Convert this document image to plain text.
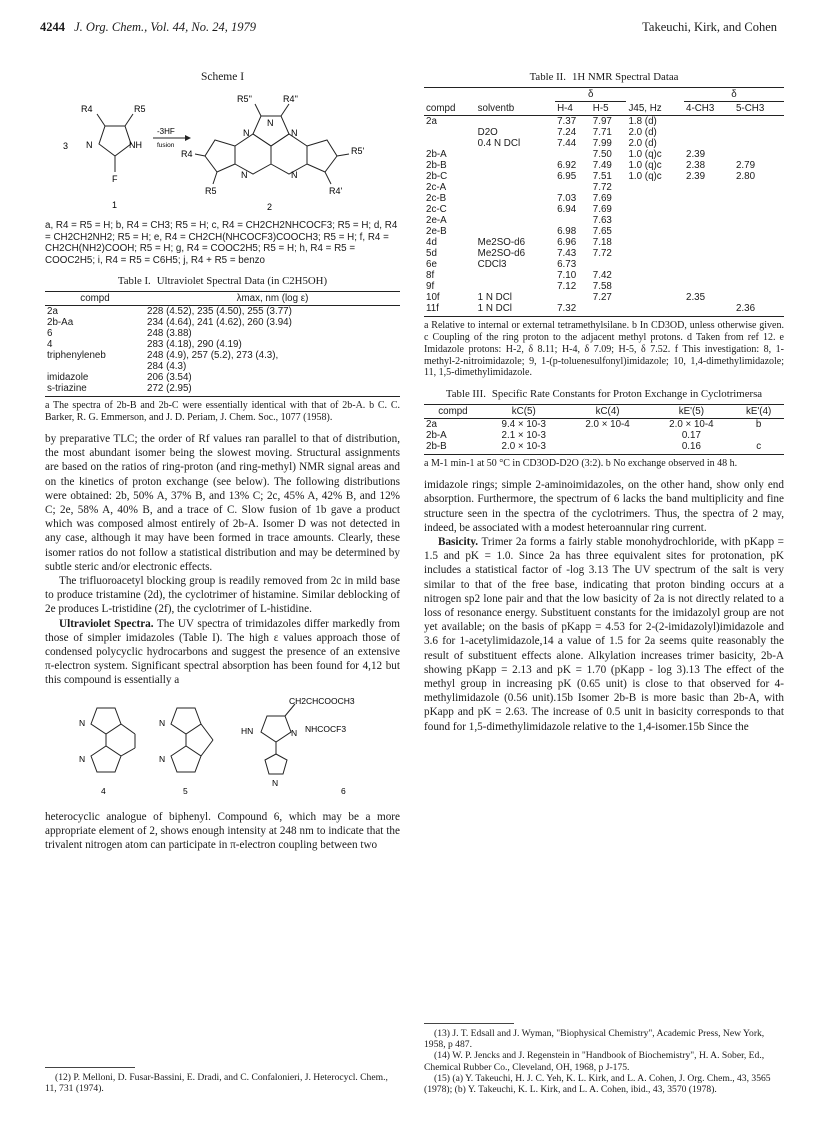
4244 J. Org. Chem., Vol. 44, No. 24, 1979	Takeuchi, Kirk, and Cohen
Scheme I
R4	R5
3 N	NH
F
1
-3HF
fusion
R5''	R4''
N
N
N
N	N
R4	R5'
R5	R4'
2
a, R4 = R5 = H; b, R4 = CH3; R5 = H; c, R4 = CH2CH2NHCOCF3; R5 = H; d, R4 = CH2CH2NH2; R5 = H; e, R4 = CH2CH(NHCOCF3)COOCH3; R5 = H; f, R4 = CH2CH(NH2)COOH; R5 = H; g, R4 = COOC2H5; R5 = H; h, R4 = R5 = COOC2H5; i, R4 = R5 = C6H5; j, R4 + R5 = benzo
Table I. Ultraviolet Spectral Data (in C2H5OH)
compd	λmax, nm (log ε)
2a	228 (4.52), 235 (4.50), 255 (3.77)
2b-Aa	234 (4.64), 241 (4.62), 260 (3.94)
6	248 (3.88)
4	283 (4.18), 290 (4.19)
triphenyleneb	248 (4.9), 257 (5.2), 273 (4.3),
	284 (4.3)
imidazole	206 (3.54)
s-triazine	272 (2.95)
a The spectra of 2b-B and 2b-C were essentially identical with that of 2b-A. b C. C. Barker, R. G. Emmerson, and J. D. Periam, J. Chem. Soc., 1077 (1958).

by preparative TLC; the order of Rf values ran parallel to that of distribution, the most abundant isomer being the slowest moving. Structural assignments are based on the ratios of ring-proton (and ring-methyl) NMR signal areas and on the kinetics of proton exchange (see below). The following distributions were obtained: 2b, 50% A, 37% B, and 13% C; 2c, 45% A, 42% B, and 12% C; 2e, 58% A, 40% B, and a trace of C. Slow fusion of 1b gave a product which was composed almost entirely of 2b-A. Isomer D was not detected in any case, although it may have been formed in trace amounts. Clearly, these isomer ratios do not follow a statistical distribution and may be determined by subtle steric and/or electronic effects.

The trifluoroacetyl blocking group is readily removed from 2c in mild base to produce tristamine (2d), the cyclotrimer of histamine. Similar deblocking of 2e produces L-tristidine (2f), the cyclotrimer of L-histidine.

Ultraviolet Spectra. The UV spectra of trimidazoles differ markedly from those of simpler imidazoles (Table I). The high ε values approach those of condensed polycyclic hydrocarbons and suggest the presence of an extensive π-electron system. Significant spectral absorption has been found for 4,12 but this compound is essentially a

N
N
4
N
N
5
CH2CHCOOCH3
NHCOCF3
HN	N
N
6

heterocyclic analogue of biphenyl. Compound 6, which may be a more appropriate element of 2, shows enough intensity at 248 nm to indicate that the trivalent nitrogen atom can participate in π-electron coupling between two

(12) P. Melloni, D. Fusar-Bassini, E. Dradi, and C. Confalonieri, J. Heterocycl. Chem., 11, 731 (1974).

Table II. 1H NMR Spectral Dataa
		δ			δ	
compd	solventb	H-4	H-5	J45, Hz	4-CH3	5-CH3
2a		7.37	7.97	1.8 (d)		
	D2O	7.24	7.71	2.0 (d)		
	0.4 N DCl	7.44	7.99	2.0 (d)		
2b-A			7.50	1.0 (q)c	2.39	
2b-B		6.92	7.49	1.0 (q)c	2.38	2.79
2b-C		6.95	7.51	1.0 (q)c	2.39	2.80
2c-A			7.72			
2c-B		7.03	7.69			
2c-C		6.94	7.69			
2e-A			7.63			
2e-B		6.98	7.65			
4d	Me2SO-d6	6.96	7.18			
5d	Me2SO-d6	7.43	7.72			
6e	CDCl3	6.73				
8f		7.10	7.42			
9f		7.12	7.58			
10f	1 N DCl		7.27		2.35	
11f	1 N DCl	7.32				2.36
a Relative to internal or external tetramethylsilane. b In CD3OD, unless otherwise given. c Coupling of the ring proton to the adjacent methyl protons. d Taken from ref 12. e Imidazole protons: H-2, δ 8.11; H-4, δ 7.09; H-5, δ 7.52. f This investigation: 8, 1-methyl-2-nitroimidazole; 9, 1-(p-toluenesulfonyl)imidazole; 10, 1,4-dimethylimidazole; 11, 1,5-dimethylimidazole.
Table III. Specific Rate Constants for Proton Exchange in Cyclotrimersa
compd	kC(5)	kC(4)	kE'(5)	kE'(4)
2a	9.4 × 10-3	2.0 × 10-4	2.0 × 10-4	b
2b-A	2.1 × 10-3		0.17	
2b-B	2.0 × 10-3		0.16	c
a M-1 min-1 at 50 °C in CD3OD-D2O (3:2). b No exchange observed in 48 h.

imidazole rings; simple 2-aminoimidazoles, on the other hand, show only end absorption. Furthermore, the spectrum of 6 lacks the band multiplicity and fine structure seen in the spectra of the cyclotrimers. Thus, the spectra of 2 may, indeed, be associated with a modest heteroannular ring current.

Basicity. Trimer 2a forms a fairly stable monohydrochloride, with pKapp = 1.5 and pK = 1.0. Since 2a has three equivalent sites for protonation, pK includes a statistical factor of -log 3.13 The UV spectrum of the salt is very similar to that of the free base, indicating that proton binding occurs at a nitrogen sp2 lone pair and that the low basicity of 2a is not directly related to a loss of resonance energy. Substituent constants for the imidazolyl group are not yet available; on the basis of pKapp = 4.53 for 2-(2-imidazolyl)imidazole and 3.6 for 1-acetylimidazole,14 a value of 1.5 for 2a seems quite reasonably the result of substituent effects alone. Alkylation increases trimer basicity, 2b-A showing pKapp = 2.13 and pK = 1.70 (pKapp - log 3).13 The effect of the methyl group in increasing pK (0.65 unit) is close to that observed for 4-methylimidazole (0.56 unit).15b Isomer 2b-B is more basic than 2b-A, with pKapp and pK = 2.63. The increase of 0.5 unit in basicity corresponds to that found for 1,5-dimethylimidazole relative to the 1,4-isomer.15b Since the

(13) J. T. Edsall and J. Wyman, "Biophysical Chemistry", Academic Press, New York, 1958, p 487.

(14) W. P. Jencks and J. Regenstein in "Handbook of Biochemistry", H. A. Sober, Ed., Chemical Rubber Co., Cleveland, OH, 1968, p J-175.

(15) (a) Y. Takeuchi, H. J. C. Yeh, K. L. Kirk, and L. A. Cohen, J. Org. Chem., 43, 3565 (1978); (b) Y. Takeuchi, K. L. Kirk, and L. A. Cohen, ibid., 43, 3570 (1978).
